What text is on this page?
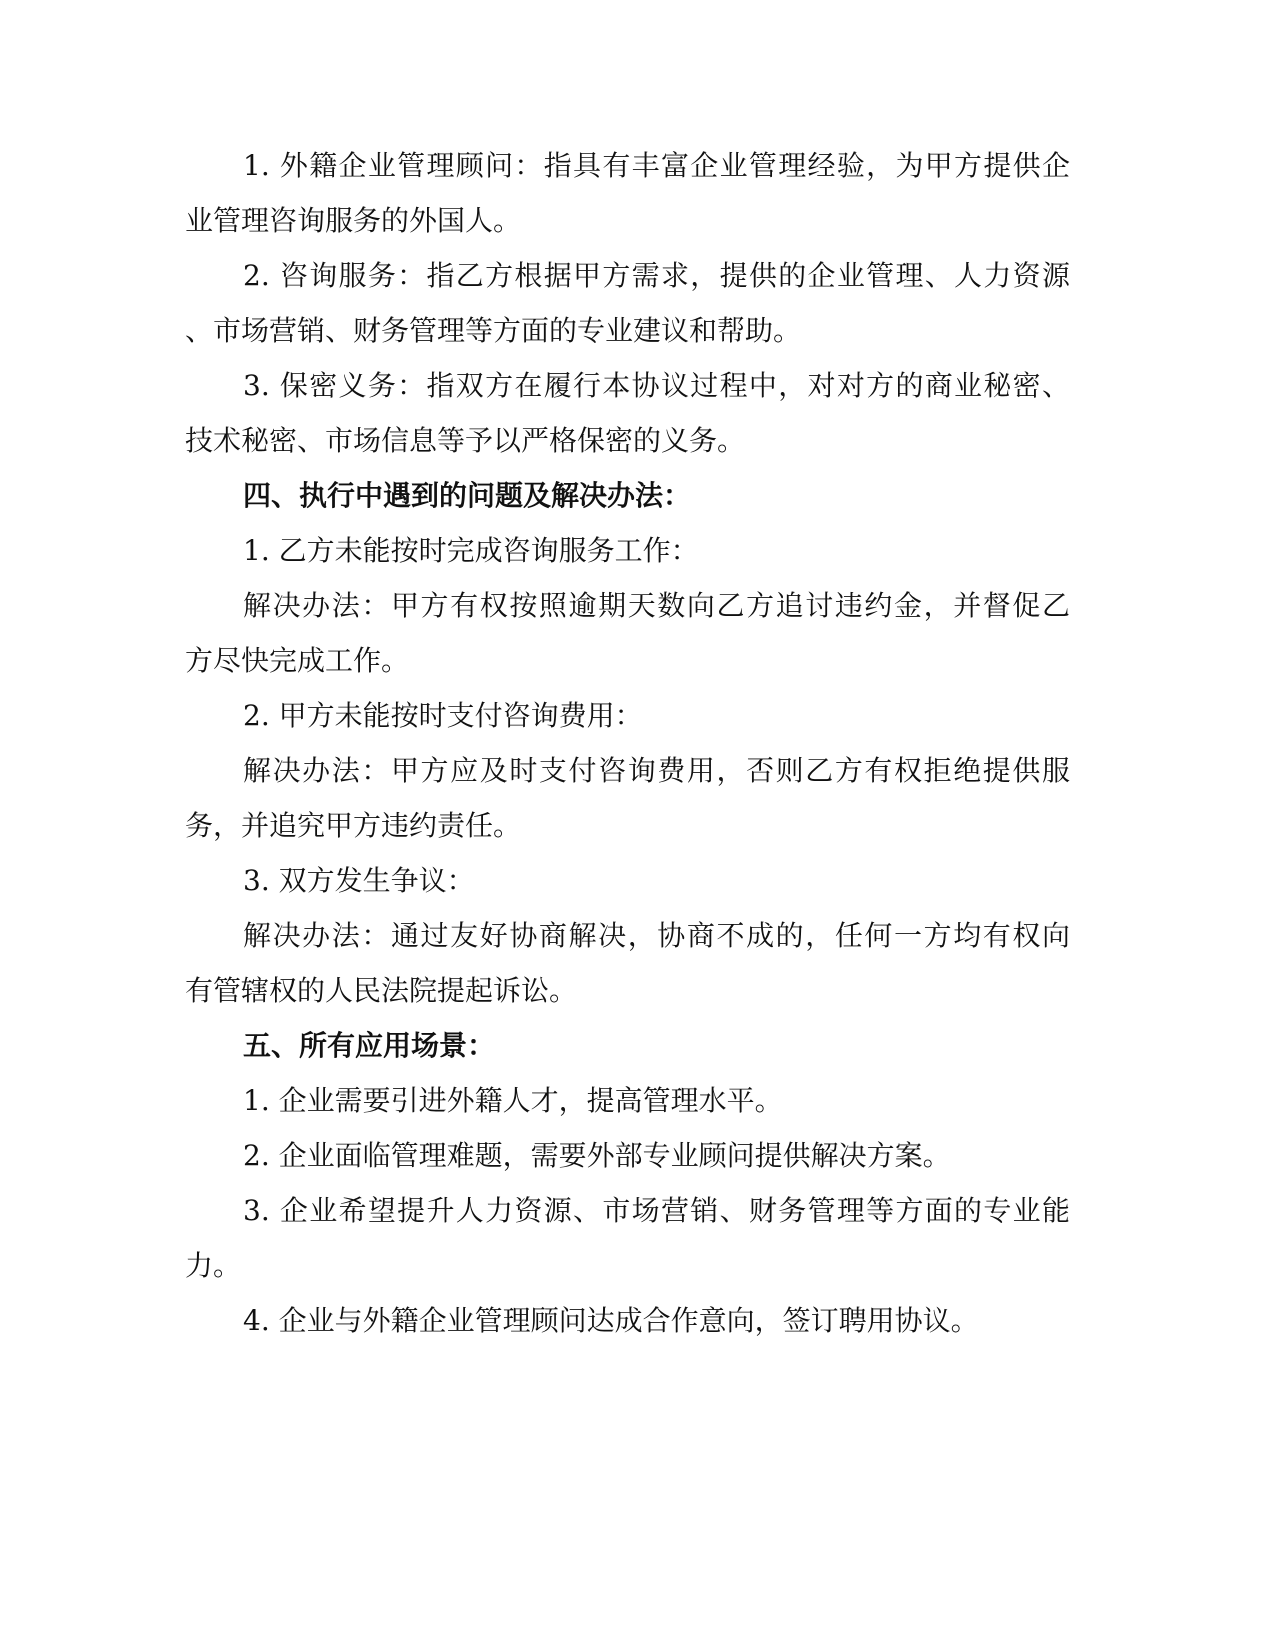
1. 外籍企业管理顾问：指具有丰富企业管理经验，为甲方提供企
业管理咨询服务的外国人。
2. 咨询服务：指乙方根据甲方需求，提供的企业管理、人力资源
、市场营销、财务管理等方面的专业建议和帮助。
3. 保密义务：指双方在履行本协议过程中，对对方的商业秘密、
技术秘密、市场信息等予以严格保密的义务。
四、执行中遇到的问题及解决办法：
1. 乙方未能按时完成咨询服务工作：
解决办法：甲方有权按照逾期天数向乙方追讨违约金，并督促乙
方尽快完成工作。
2. 甲方未能按时支付咨询费用：
解决办法：甲方应及时支付咨询费用，否则乙方有权拒绝提供服
务，并追究甲方违约责任。
3. 双方发生争议：
解决办法：通过友好协商解决，协商不成的，任何一方均有权向
有管辖权的人民法院提起诉讼。
五、所有应用场景：
1. 企业需要引进外籍人才，提高管理水平。
2. 企业面临管理难题，需要外部专业顾问提供解决方案。
3. 企业希望提升人力资源、市场营销、财务管理等方面的专业能
力。
4. 企业与外籍企业管理顾问达成合作意向，签订聘用协议。
